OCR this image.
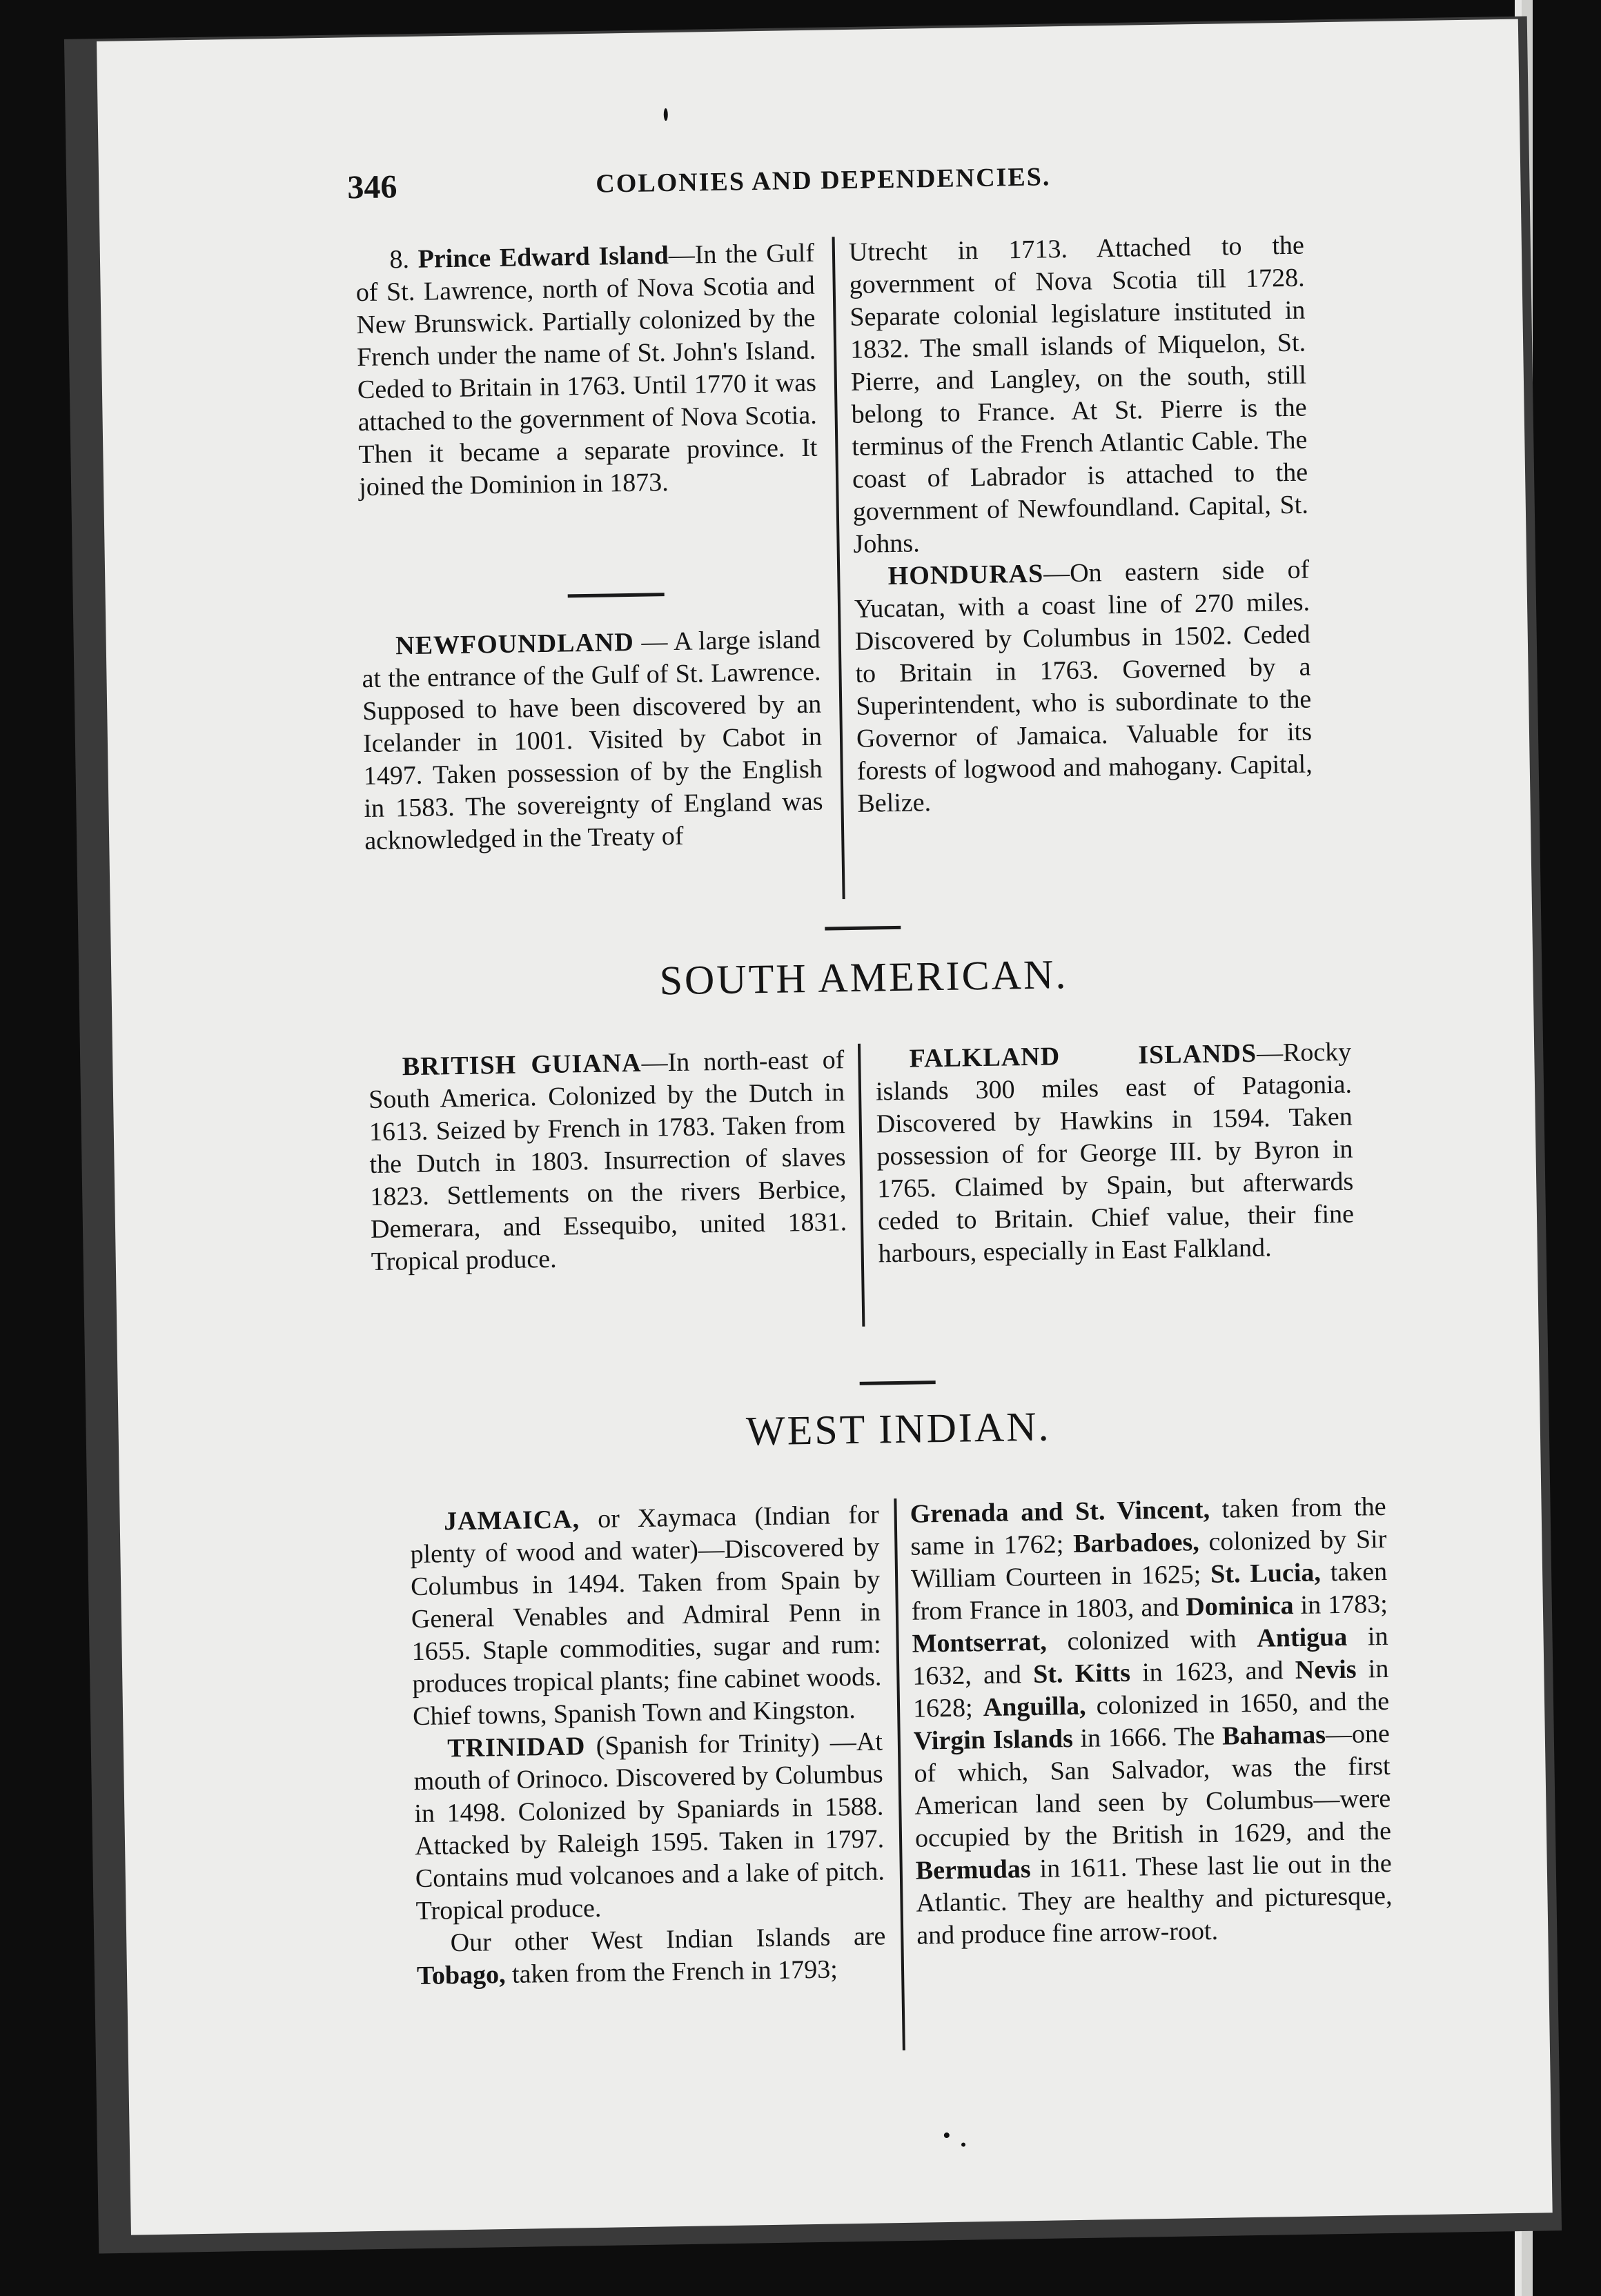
346	COLONIES AND DEPENDENCIES.

8. Prince Edward Island—In the Gulf of St. Lawrence, north of Nova Scotia and New Brunswick. Partially colonized by the French under the name of St. John's Island. Ceded to Britain in 1763. Until 1770 it was attached to the government of Nova Scotia. Then it became a separate province. It joined the Dominion in 1873.

NEWFOUNDLAND — A large island at the entrance of the Gulf of St. Lawrence. Supposed to have been discovered by an Icelander in 1001. Visited by Cabot in 1497. Taken possession of by the English in 1583. The sovereignty of England was acknowledged in the Treaty of

Utrecht in 1713. Attached to the government of Nova Scotia till 1728. Separate colonial legislature instituted in 1832. The small islands of Miquelon, St. Pierre, and Langley, on the south, still belong to France. At St. Pierre is the terminus of the French Atlantic Cable. The coast of Labrador is attached to the government of Newfoundland. Capital, St. Johns.

HONDURAS—On eastern side of Yucatan, with a coast line of 270 miles. Discovered by Columbus in 1502. Ceded to Britain in 1763. Governed by a Superintendent, who is subordinate to the Governor of Jamaica. Valuable for its forests of logwood and mahogany. Capital, Belize.

SOUTH AMERICAN.

BRITISH GUIANA—In north-east of South America. Colonized by the Dutch in 1613. Seized by French in 1783. Taken from the Dutch in 1803. Insurrection of slaves 1823. Settlements on the rivers Berbice, Demerara, and Essequibo, united 1831. Tropical produce.

FALKLAND ISLANDS—Rocky islands 300 miles east of Patagonia. Discovered by Hawkins in 1594. Taken possession of for George III. by Byron in 1765. Claimed by Spain, but afterwards ceded to Britain. Chief value, their fine harbours, especially in East Falkland.

WEST INDIAN.

JAMAICA, or Xaymaca (Indian for plenty of wood and water)—Discovered by Columbus in 1494. Taken from Spain by General Venables and Admiral Penn in 1655. Staple commodities, sugar and rum: produces tropical plants; fine cabinet woods. Chief towns, Spanish Town and Kingston.

TRINIDAD (Spanish for Trinity) —At mouth of Orinoco. Discovered by Columbus in 1498. Colonized by Spaniards in 1588. Attacked by Raleigh 1595. Taken in 1797. Contains mud volcanoes and a lake of pitch. Tropical produce.

Our other West Indian Islands are Tobago, taken from the French in 1793;

Grenada and St. Vincent, taken from the same in 1762; Barbadoes, colonized by Sir William Courteen in 1625; St. Lucia, taken from France in 1803, and Dominica in 1783; Montserrat, colonized with Antigua in 1632, and St. Kitts in 1623, and Nevis in 1628; Anguilla, colonized in 1650, and the Virgin Islands in 1666. The Bahamas—one of which, San Salvador, was the first American land seen by Columbus—were occupied by the British in 1629, and the Bermudas in 1611. These last lie out in the Atlantic. They are healthy and picturesque, and produce fine arrow-root.
